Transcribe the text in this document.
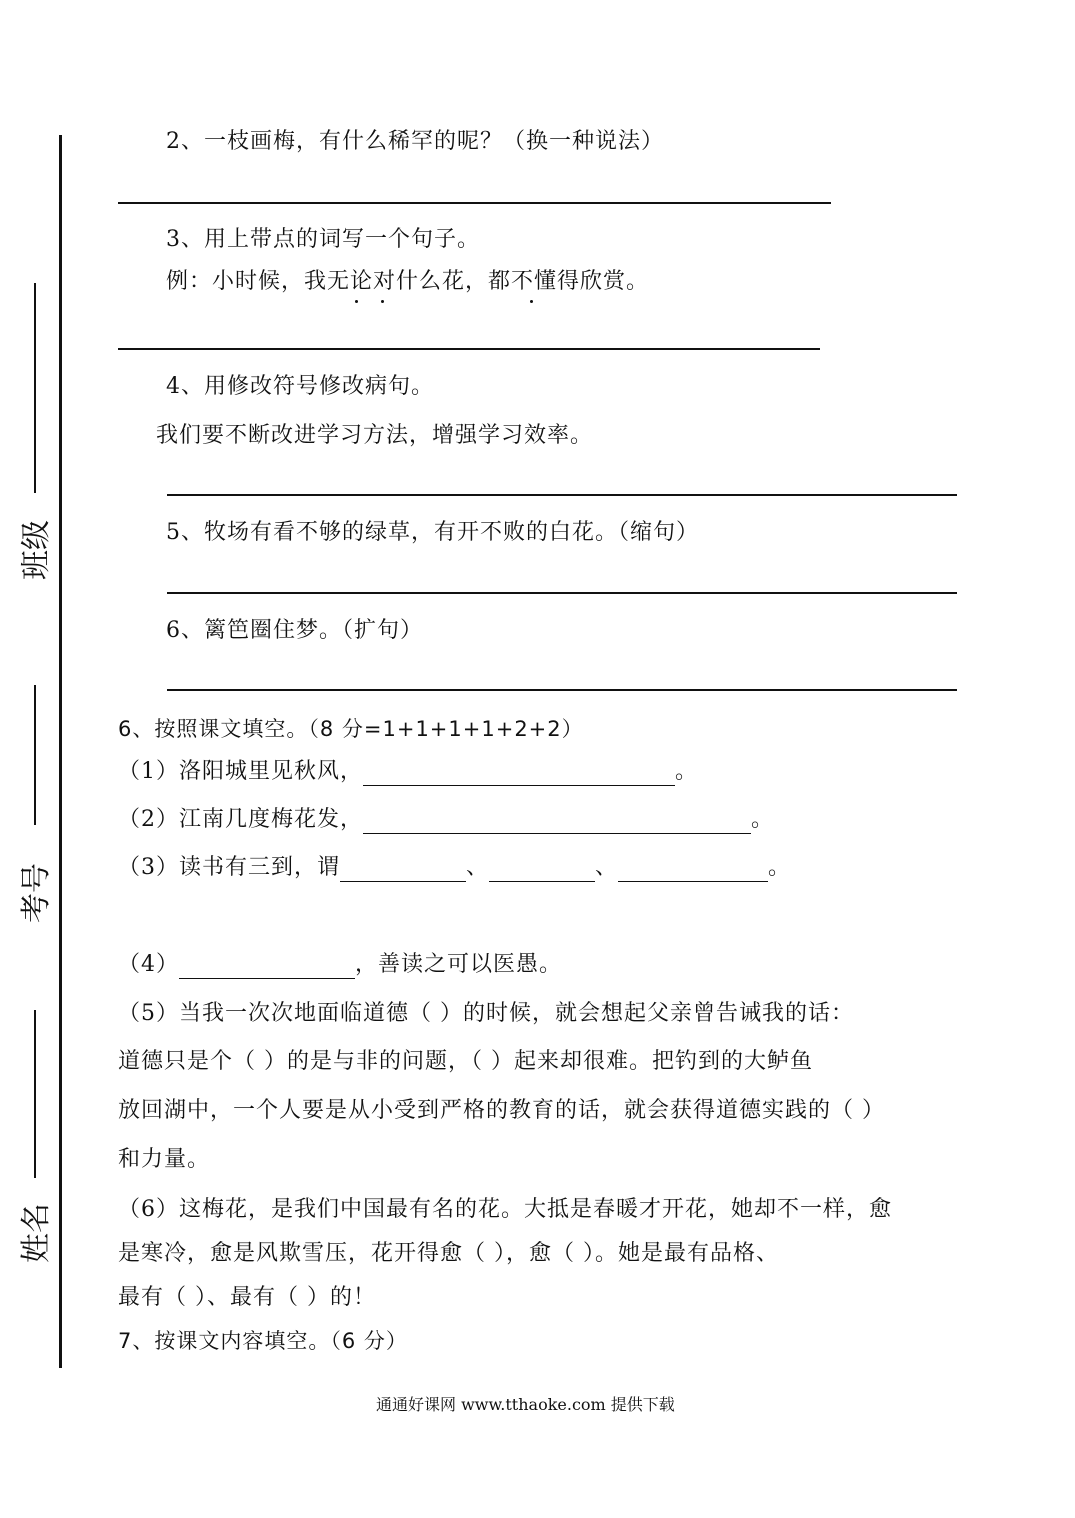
班级
考号
姓名
2、一枝画梅，有什么稀罕的呢？（换一种说法）
3、用上带点的词写一个句子。
例：小时候，我无论对什么花，都不懂得欣赏。
4、用修改符号修改病句。
我们要不断改进学习方法，增强学习效率。
5、牧场有看不够的绿草，有开不败的白花。（缩句）
6、篱笆圈住梦。（扩句）
6、按照课文填空。（8 分=1+1+1+1+2+2）
（1）洛阳城里见秋风，	。
（2）江南几度梅花发，	。
（3）读书有三到，谓	、	、	。
（4）	，善读之可以医愚。
（5）当我一次次地面临道德（ ）的时候，就会想起父亲曾告诫我的话：
道德只是个（ ）的是与非的问题，（ ）起来却很难。把钓到的大鲈鱼
放回湖中，一个人要是从小受到严格的教育的话，就会获得道德实践的（ ）
和力量。
（6）这梅花，是我们中国最有名的花。大抵是春暖才开花，她却不一样，愈
是寒冷，愈是风欺雪压，花开得愈（ ），愈（ ）。她是最有品格、
最有（ ）、最有（ ）的！
7、按课文内容填空。（6 分）
通通好课网 www.tthaoke.com 提供下载
